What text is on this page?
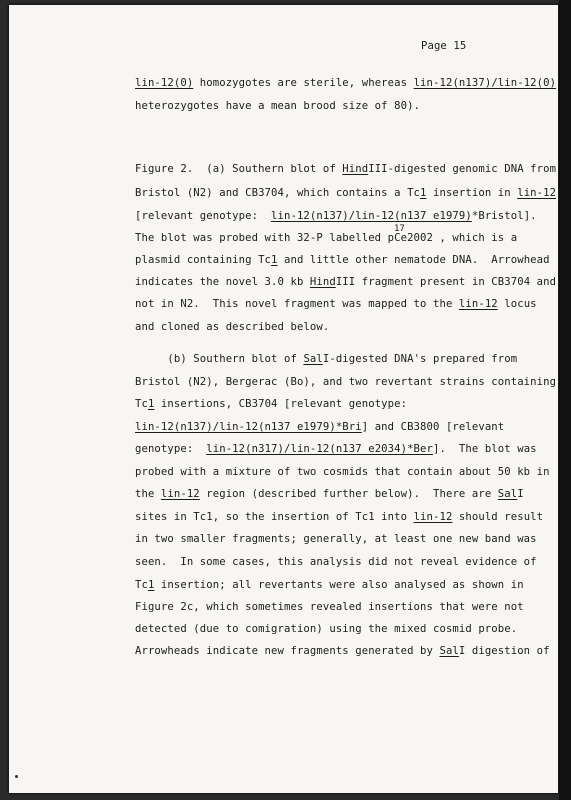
Page 15
lin-12(0) homozygotes are sterile, whereas lin-12(n137)/lin-12(0)
heterozygotes have a mean brood size of 80).
Figure 2.  (a) Southern blot of HindIII-digested genomic DNA from
Bristol (N2) and CB3704, which contains a Tc1 insertion in lin-12
[relevant genotype:  lin-12(n137)/lin-12(n137 e1979)*Bristol].
The blot was probed with 32-P labelled pCe2002 , which is a
plasmid containing Tc1 and little other nematode DNA.  Arrowhead
indicates the novel 3.0 kb HindIII fragment present in CB3704 and
not in N2.  This novel fragment was mapped to the lin-12 locus
and cloned as described below.
(b) Southern blot of SalI-digested DNA's prepared from
Bristol (N2), Bergerac (Bo), and two revertant strains containing
Tc1 insertions, CB3704 [relevant genotype:
lin-12(n137)/lin-12(n137 e1979)*Bri] and CB3800 [relevant
genotype:  lin-12(n317)/lin-12(n137 e2034)*Ber].  The blot was
probed with a mixture of two cosmids that contain about 50 kb in
the lin-12 region (described further below).  There are SalI
sites in Tc1, so the insertion of Tc1 into lin-12 should result
in two smaller fragments; generally, at least one new band was
seen.  In some cases, this analysis did not reveal evidence of
Tc1 insertion; all revertants were also analysed as shown in
Figure 2c, which sometimes revealed insertions that were not
detected (due to comigration) using the mixed cosmid probe.
Arrowheads indicate new fragments generated by SalI digestion of
17
